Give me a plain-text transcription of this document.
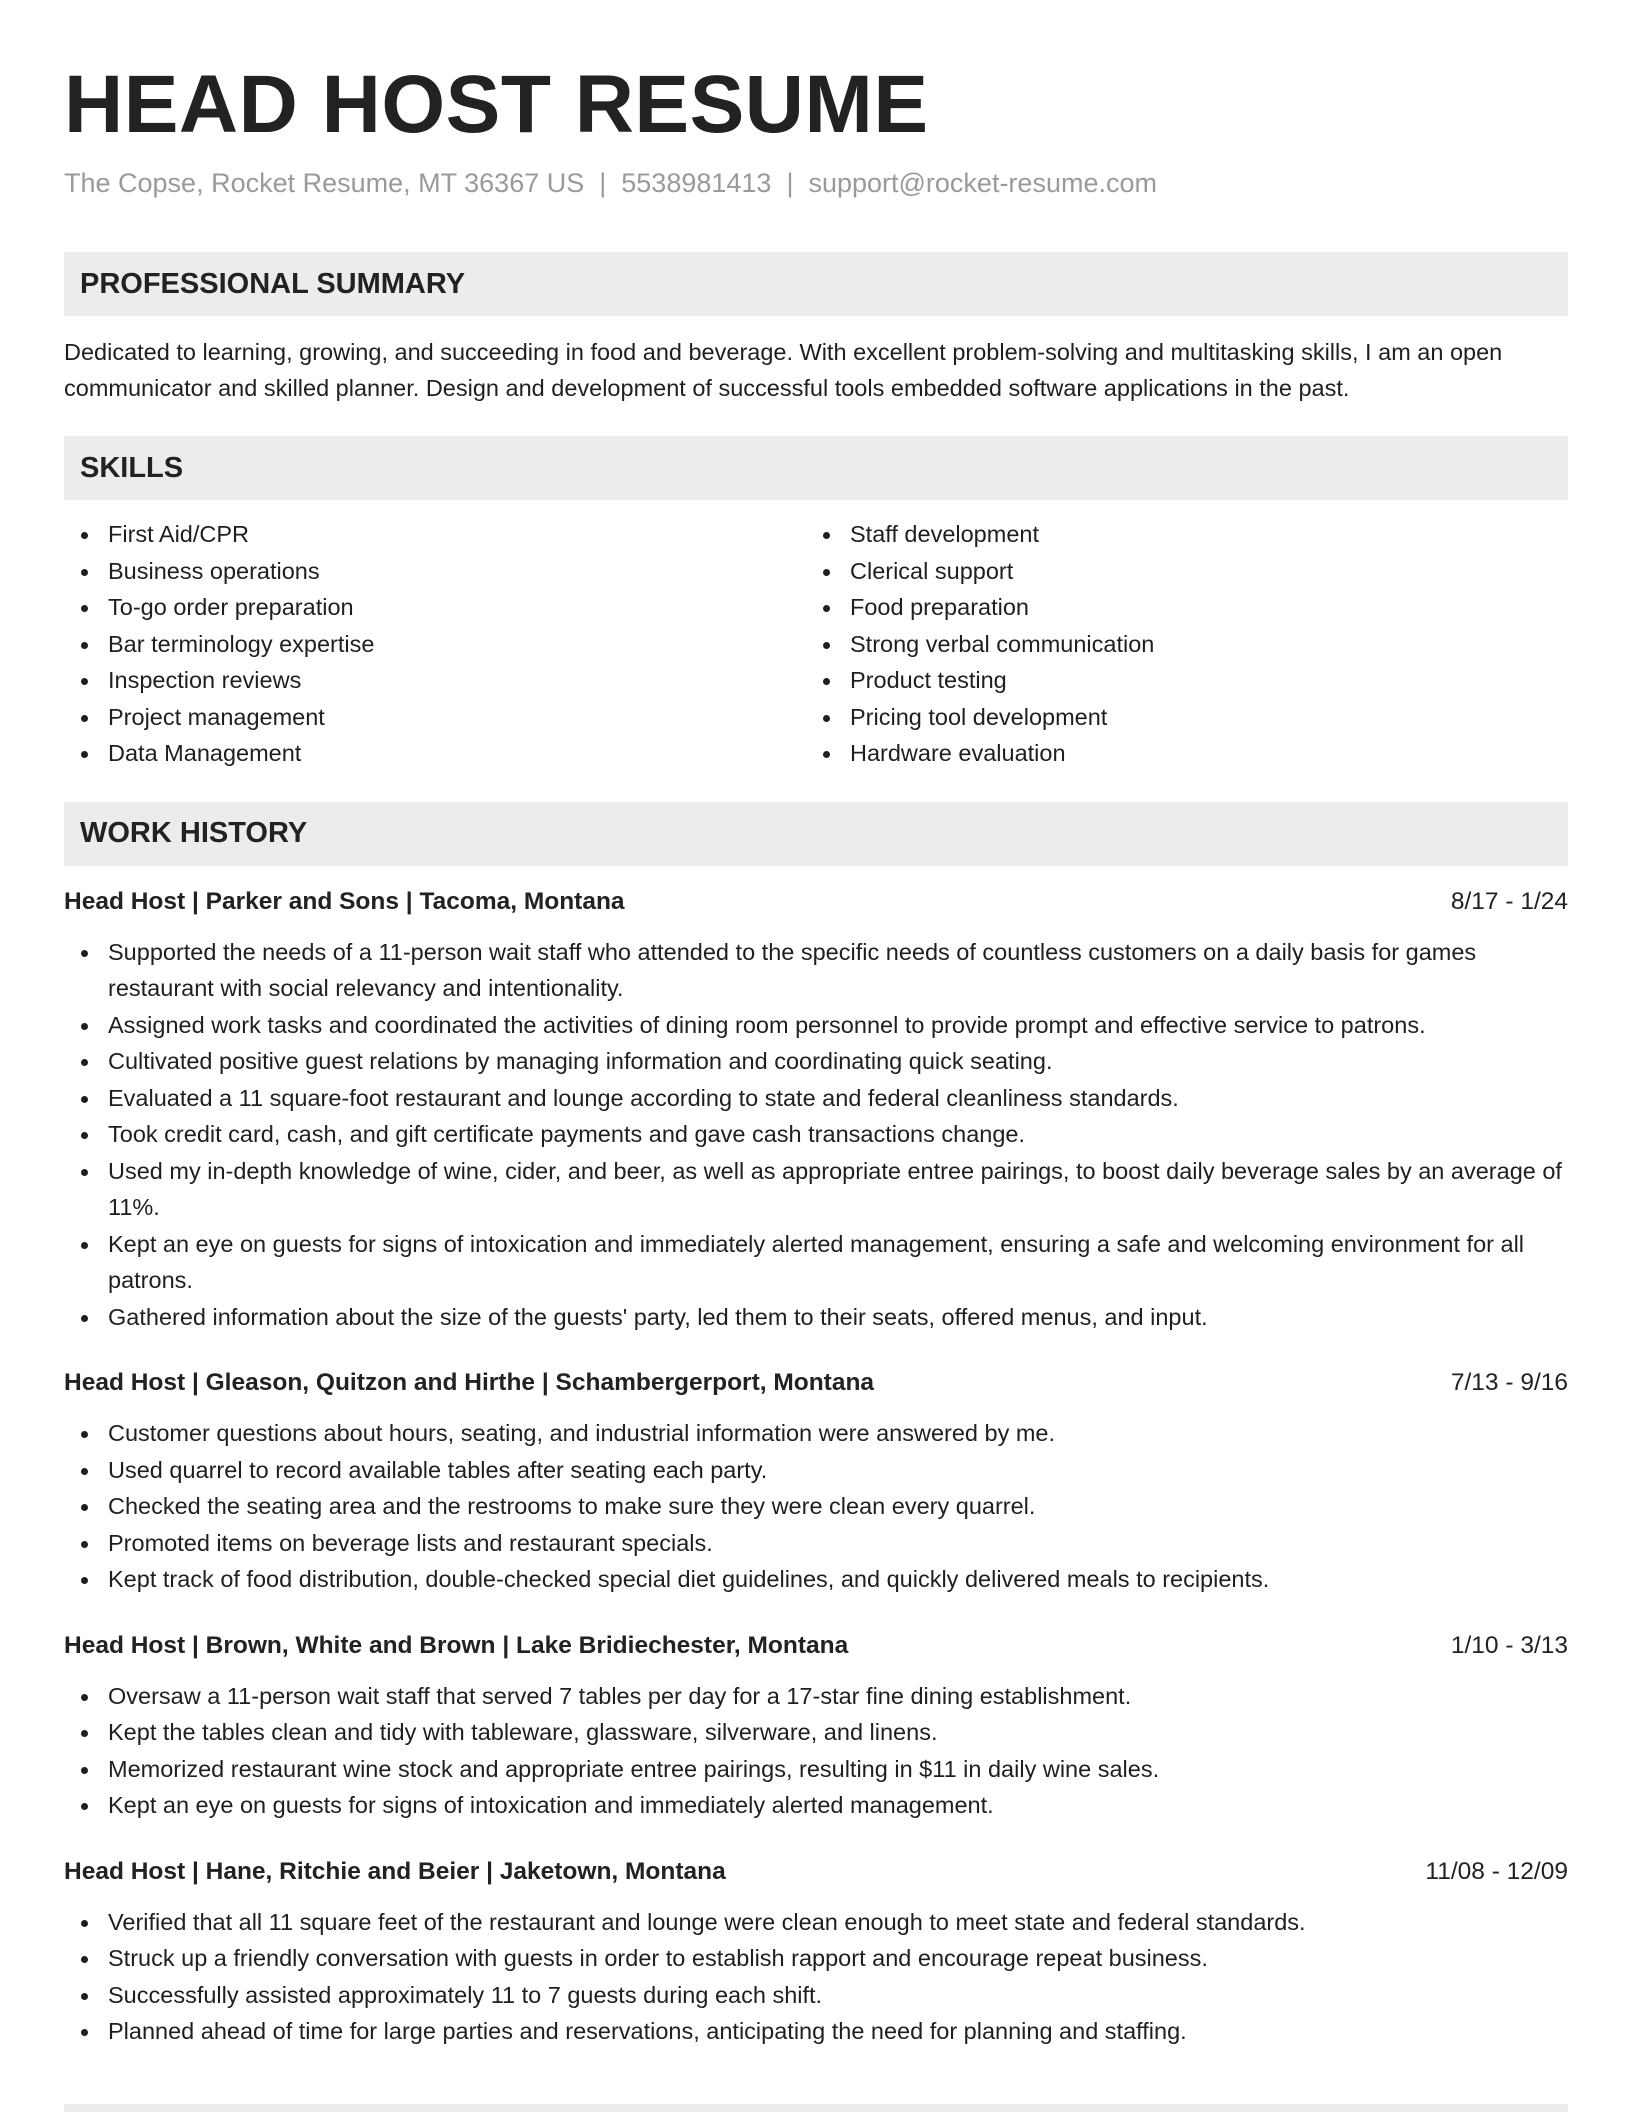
HEAD HOST RESUME
The Copse, Rocket Resume, MT 36367 US | 5538981413 | support@rocket-resume.com
PROFESSIONAL SUMMARY
Dedicated to learning, growing, and succeeding in food and beverage. With excellent problem-solving and multitasking skills, I am an open communicator and skilled planner. Design and development of successful tools embedded software applications in the past.
SKILLS
First Aid/CPR
Business operations
To-go order preparation
Bar terminology expertise
Inspection reviews
Project management
Data Management
Staff development
Clerical support
Food preparation
Strong verbal communication
Product testing
Pricing tool development
Hardware evaluation
WORK HISTORY
Head Host | Parker and Sons | Tacoma, Montana	8/17 - 1/24
Supported the needs of a 11-person wait staff who attended to the specific needs of countless customers on a daily basis for games restaurant with social relevancy and intentionality.
Assigned work tasks and coordinated the activities of dining room personnel to provide prompt and effective service to patrons.
Cultivated positive guest relations by managing information and coordinating quick seating.
Evaluated a 11 square-foot restaurant and lounge according to state and federal cleanliness standards.
Took credit card, cash, and gift certificate payments and gave cash transactions change.
Used my in-depth knowledge of wine, cider, and beer, as well as appropriate entree pairings, to boost daily beverage sales by an average of 11%.
Kept an eye on guests for signs of intoxication and immediately alerted management, ensuring a safe and welcoming environment for all patrons.
Gathered information about the size of the guests' party, led them to their seats, offered menus, and input.
Head Host | Gleason, Quitzon and Hirthe | Schambergerport, Montana	7/13 - 9/16
Customer questions about hours, seating, and industrial information were answered by me.
Used quarrel to record available tables after seating each party.
Checked the seating area and the restrooms to make sure they were clean every quarrel.
Promoted items on beverage lists and restaurant specials.
Kept track of food distribution, double-checked special diet guidelines, and quickly delivered meals to recipients.
Head Host | Brown, White and Brown | Lake Bridiechester, Montana	1/10 - 3/13
Oversaw a 11-person wait staff that served 7 tables per day for a 17-star fine dining establishment.
Kept the tables clean and tidy with tableware, glassware, silverware, and linens.
Memorized restaurant wine stock and appropriate entree pairings, resulting in $11 in daily wine sales.
Kept an eye on guests for signs of intoxication and immediately alerted management.
Head Host | Hane, Ritchie and Beier | Jaketown, Montana	11/08 - 12/09
Verified that all 11 square feet of the restaurant and lounge were clean enough to meet state and federal standards.
Struck up a friendly conversation with guests in order to establish rapport and encourage repeat business.
Successfully assisted approximately 11 to 7 guests during each shift.
Planned ahead of time for large parties and reservations, anticipating the need for planning and staffing.
